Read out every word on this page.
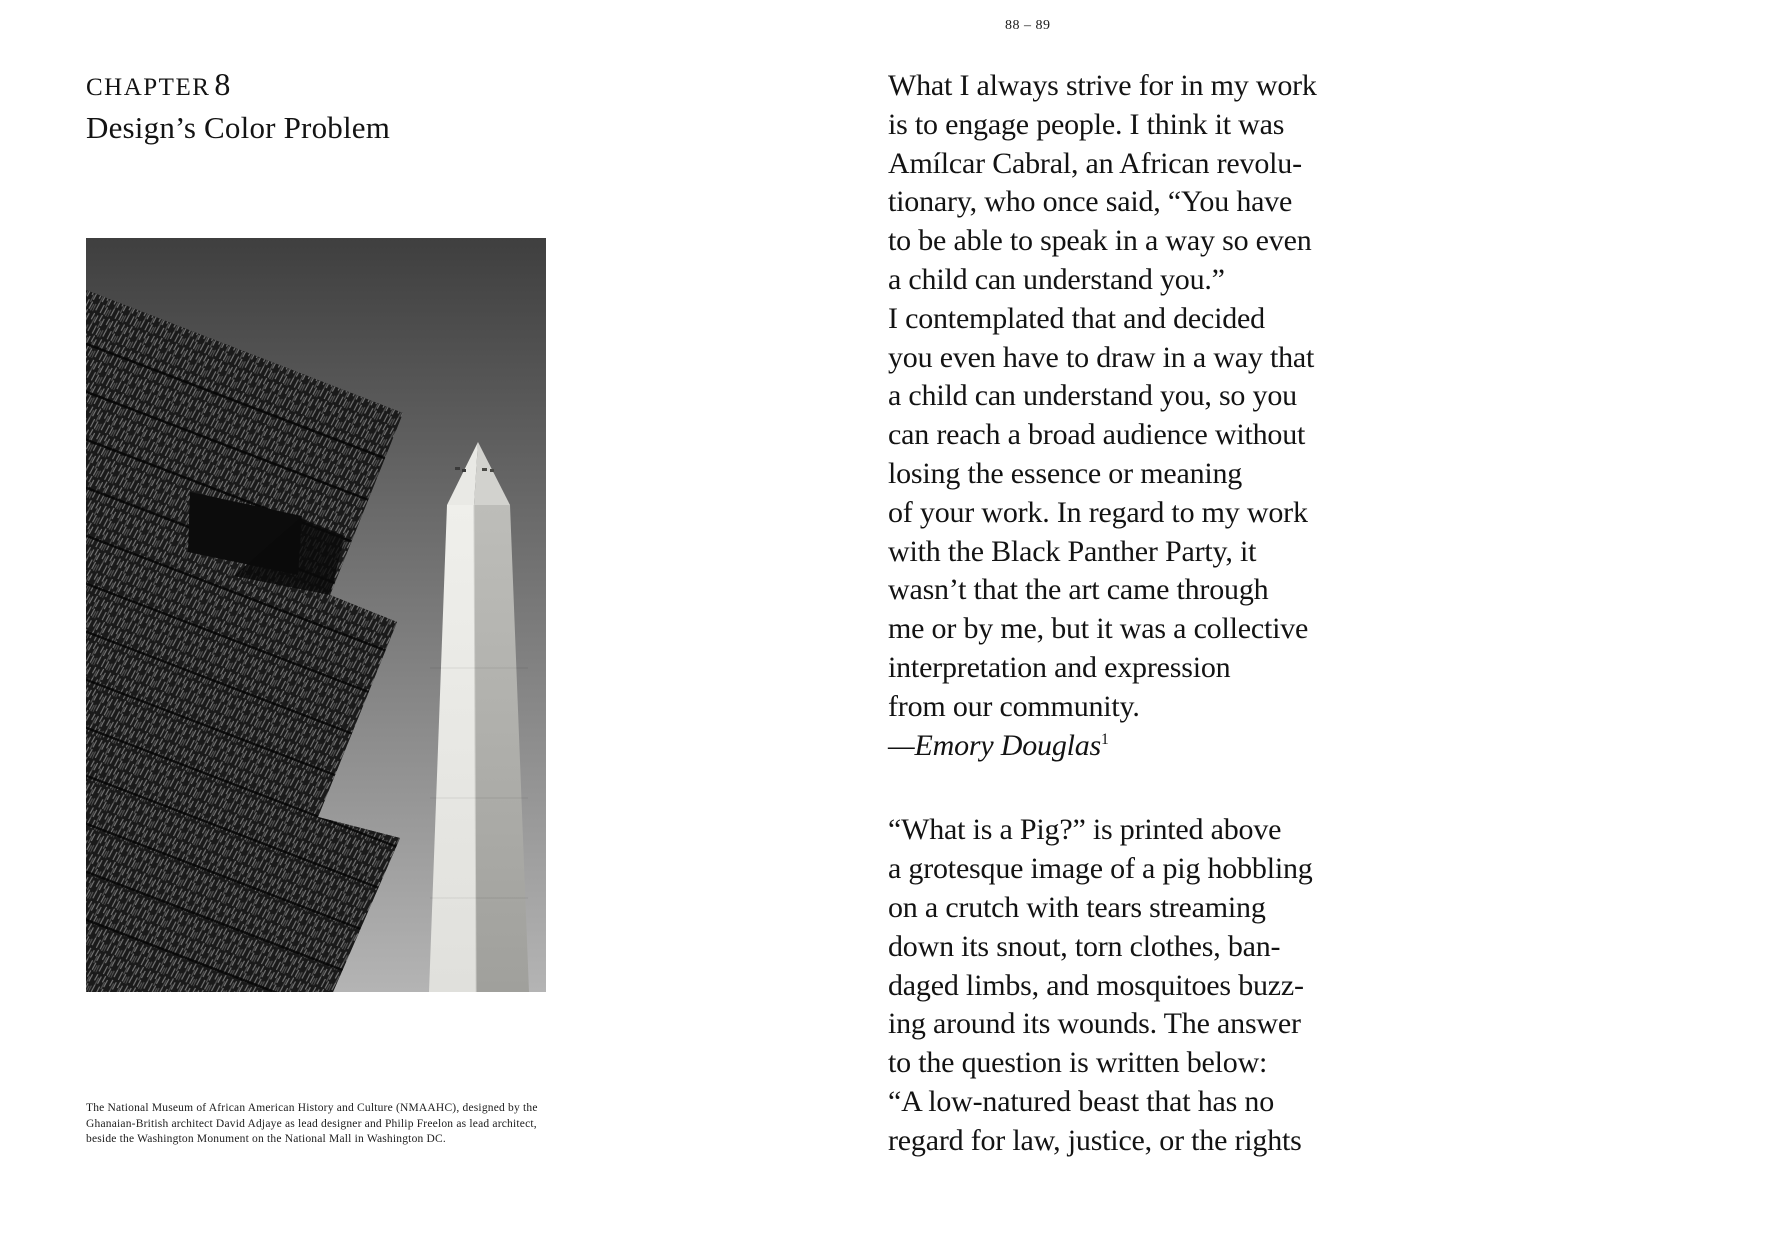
88 – 89
CHAPTER 8
Design’s Color Problem
The National Museum of African American History and Culture (NMAAHC), designed by the
Ghanaian-British architect David Adjaye as lead designer and Philip Freelon as lead architect,
beside the Washington Monument on the National Mall in Washington DC.
What I always strive for in my work
is to engage people. I think it was
Amílcar Cabral, an African revolu-
tionary, who once said, “You have
to be able to speak in a way so even
a child can understand you.”
I contemplated that and decided
you even have to draw in a way that
a child can understand you, so you
can reach a broad audience without
losing the essence or meaning
of your work. In regard to my work
with the Black Panther Party, it
wasn’t that the art came through
me or by me, but it was a collective
interpretation and expression
from our community.
—Emory Douglas$^1$
“What is a Pig?” is printed above
a grotesque image of a pig hobbling
on a crutch with tears streaming
down its snout, torn clothes, ban-
daged limbs, and mosquitoes buzz-
ing around its wounds. The answer
to the question is written below:
“A low-natured beast that has no
regard for law, justice, or the rights
